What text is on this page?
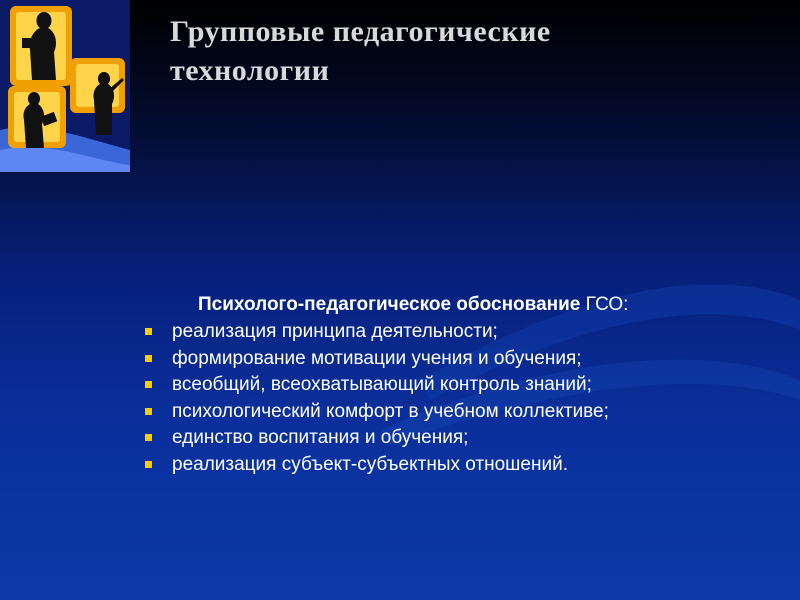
Групповые педагогические
технологии
Психолого-педагогическое обоснование ГСО:
реализация принципа деятельности;
формирование мотивации учения и обучения;
всеобщий, всеохватывающий контроль знаний;
психологический комфорт в учебном коллективе;
единство воспитания и обучения;
реализация субъект-субъектных отношений.
